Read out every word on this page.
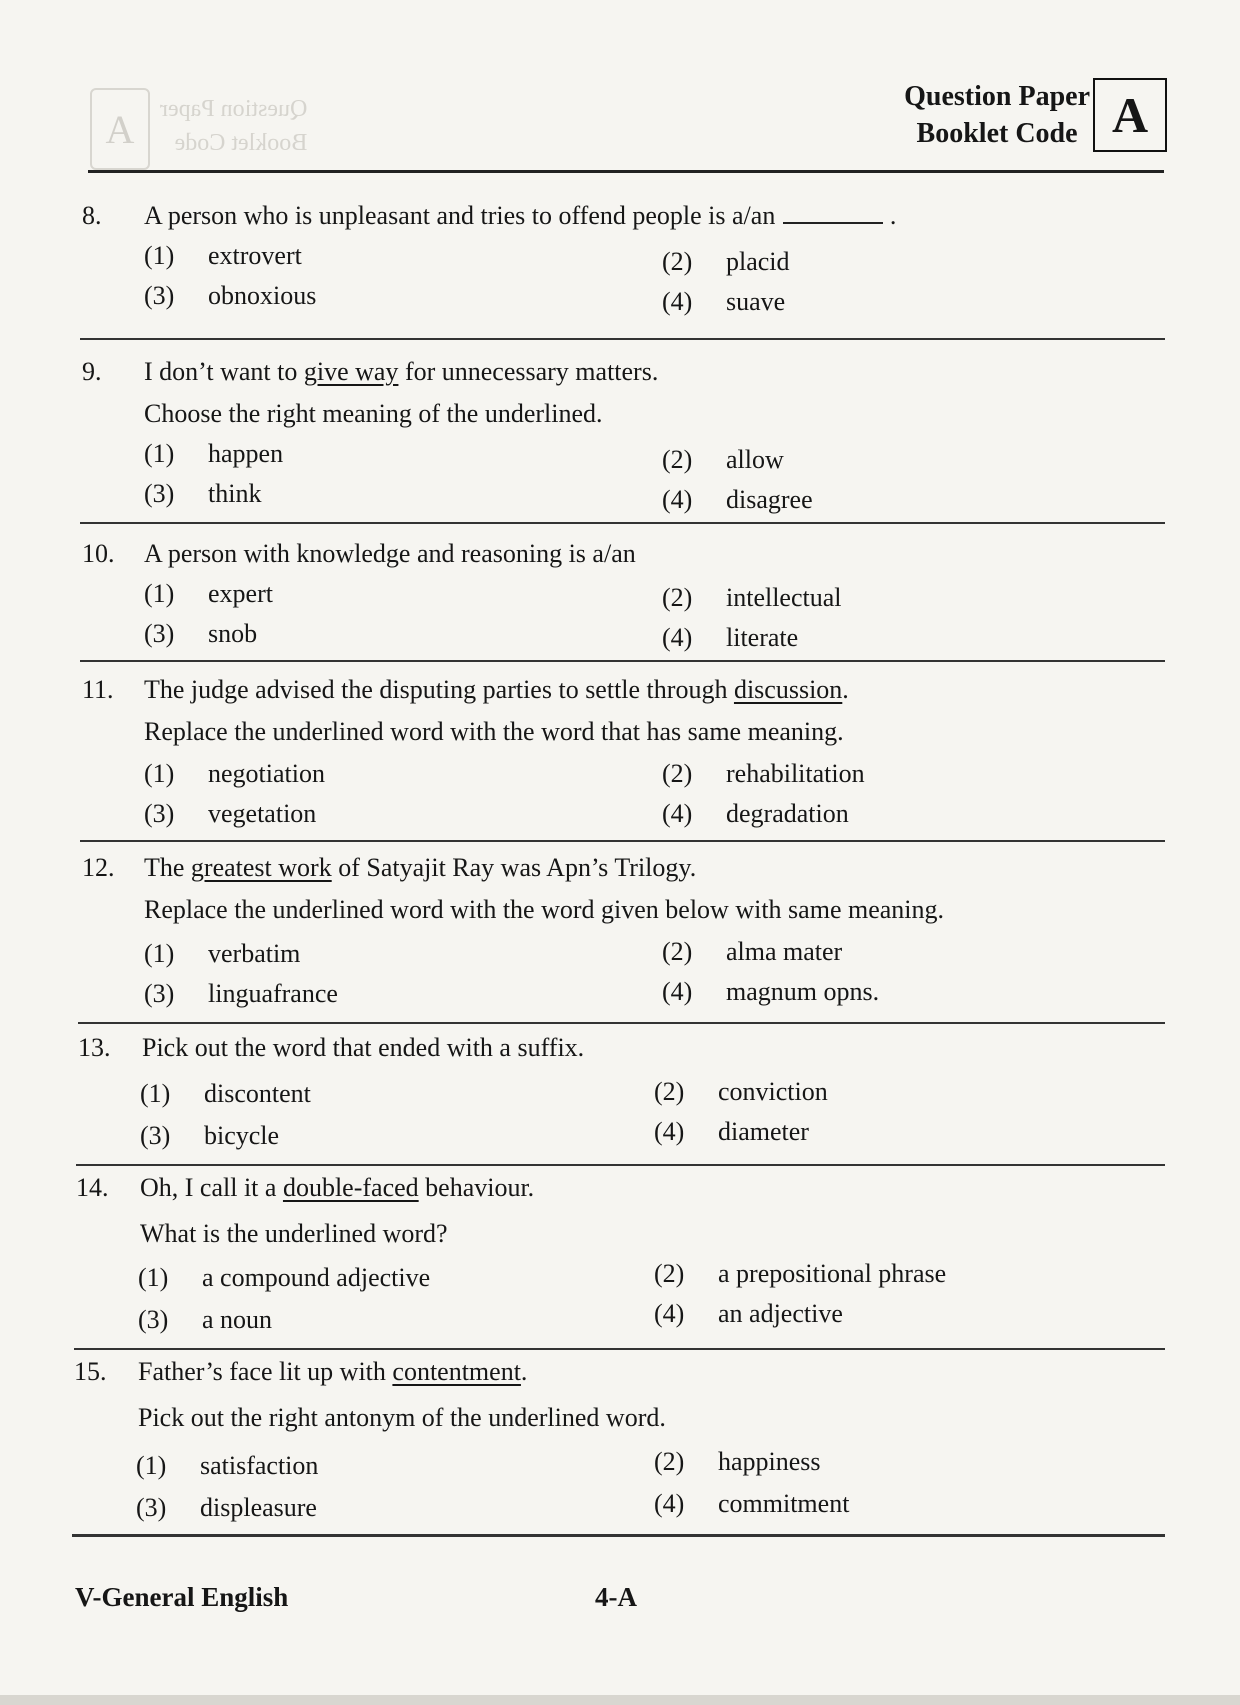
A	Question Paper
Booklet Code
Question Paper
Booklet Code A
8.	A person who is unpleasant and tries to offend people is a/an	.
(1) extrovert	(2) placid
(3) obnoxious	(4) suave
9.	I don’t want to give way for unnecessary matters.
Choose the right meaning of the underlined.
(1) happen	(2) allow
(3) think	(4) disagree
10.	A person with knowledge and reasoning is a/an
(1) expert	(2) intellectual
(3) snob	(4) literate
11.	The judge advised the disputing parties to settle through discussion.
Replace the underlined word with the word that has same meaning.
(1) negotiation	(2) rehabilitation
(3) vegetation	(4) degradation
12.	The greatest work of Satyajit Ray was Apn’s Trilogy.
Replace the underlined word with the word given below with same meaning.
(1) verbatim	(2) alma mater
(3) linguafrance	(4) magnum opns.
13.	Pick out the word that ended with a suffix.
(1) discontent	(2) conviction
(3) bicycle	(4) diameter
14.	Oh, I call it a double-faced behaviour.
What is the underlined word?
(1) a compound adjective	(2) a prepositional phrase
(3) a noun	(4) an adjective
15.	Father’s face lit up with contentment.
Pick out the right antonym of the underlined word.
(1) satisfaction	(2) happiness
(3) displeasure	(4) commitment
V-General English	4-A
